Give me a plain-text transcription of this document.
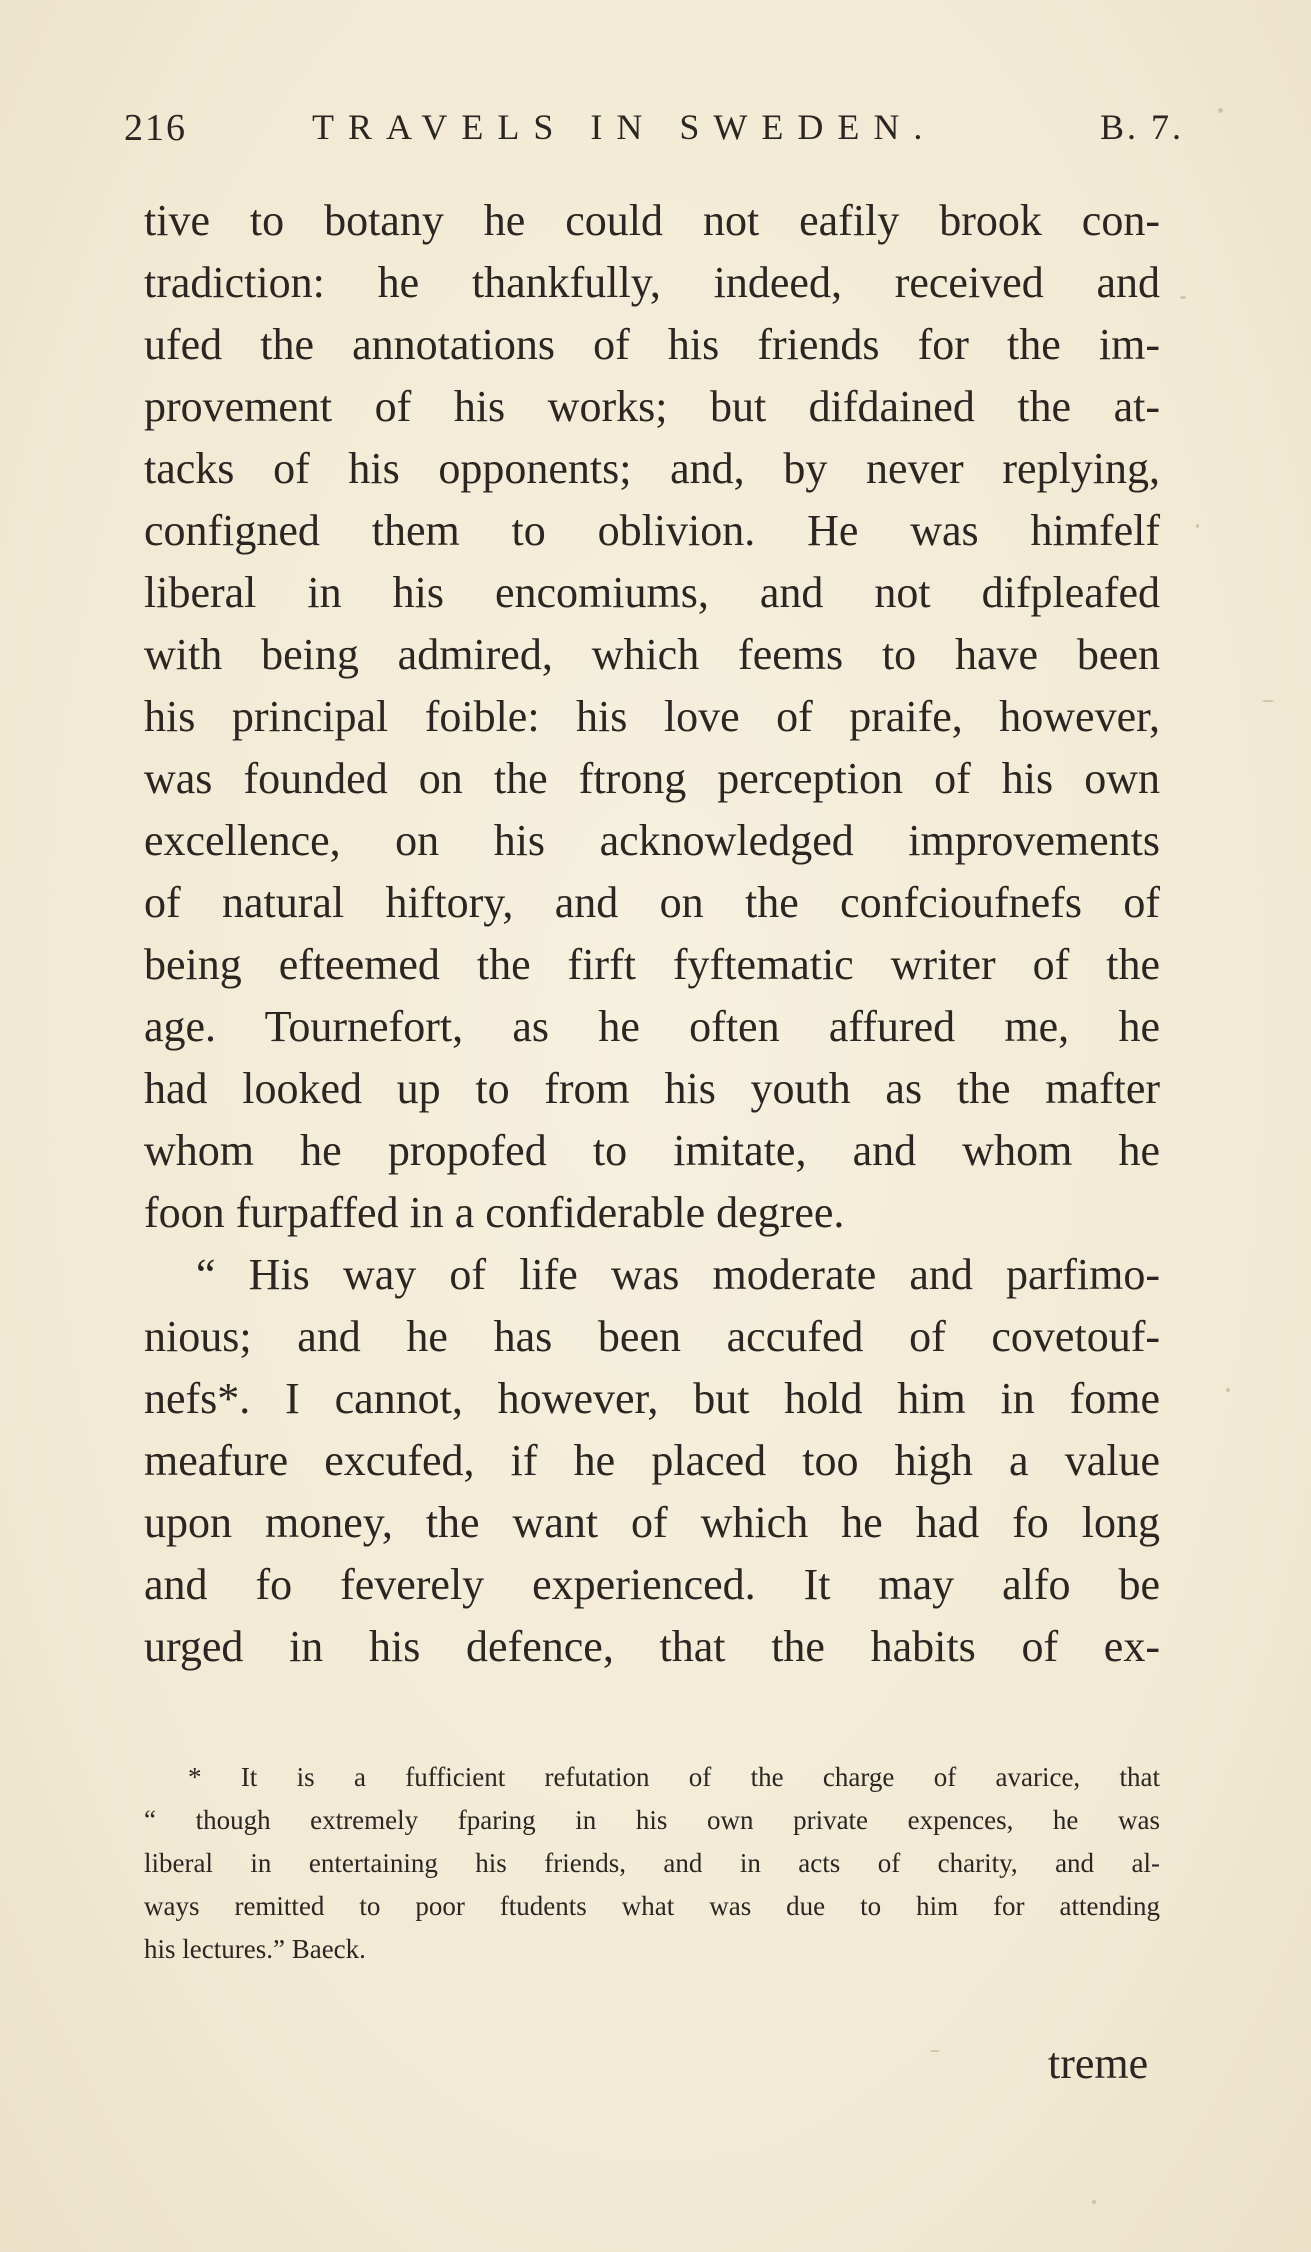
216	TRAVELS IN SWEDEN.	B. 7.
tive to botany he could not eafily brook con-
tradiction: he thankfully, indeed, received and
ufed the annotations of his friends for the im-
provement of his works; but difdained the at-
tacks of his opponents; and, by never replying,
configned them to oblivion. He was himfelf
liberal in his encomiums, and not difpleafed
with being admired, which feems to have been
his principal foible: his love of praife, however,
was founded on the ftrong perception of his own
excellence, on his acknowledged improvements
of natural hiftory, and on the confcioufnefs of
being efteemed the firft fyftematic writer of the
age. Tournefort, as he often affured me, he
had looked up to from his youth as the mafter
whom he propofed to imitate, and whom he
foon furpaffed in a confiderable degree.
“ His way of life was moderate and parfimo-
nious; and he has been accufed of covetouf-
nefs*. I cannot, however, but hold him in fome
meafure excufed, if he placed too high a value
upon money, the want of which he had fo long
and fo feverely experienced. It may alfo be
urged in his defence, that the habits of ex-
* It is a fufficient refutation of the charge of avarice, that
“ though extremely fparing in his own private expences, he was
liberal in entertaining his friends, and in acts of charity, and al-
ways remitted to poor ftudents what was due to him for attending
his lectures.” Baeck.
treme
